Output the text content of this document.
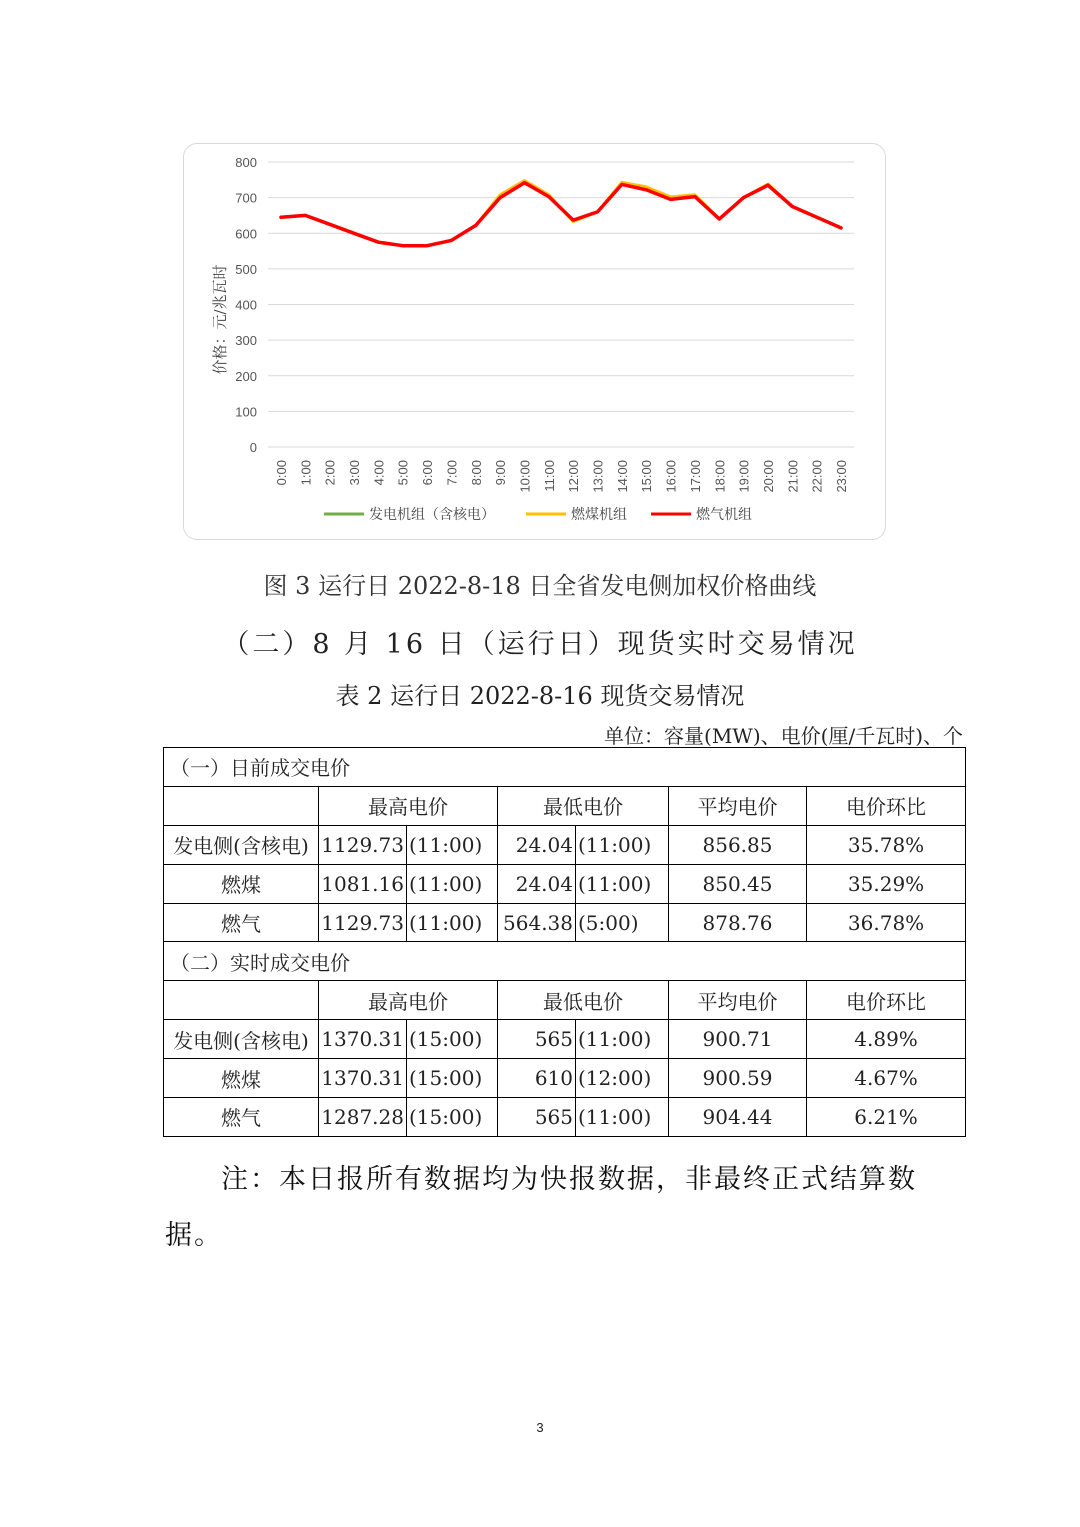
0
100
200
300
400
500
600
700
800
0:00 1:00 2:00 3:00 4:00 5:00 6:00 7:00 8:00 9:00 10:00 11:00 12:00 13:00 14:00 15:00 16:00 17:00 18:00 19:00 20:00 21:00 22:00 23:00
价格：元/兆瓦时
发电机组（含核电）	燃煤机组	燃气机组
图 3 运行日 2022-8-18 日全省发电侧加权价格曲线
（二）8 月 16 日（运行日）现货实时交易情况
表 2 运行日 2022-8-16 现货交易情况
单位：容量(MW)、电价(厘/千瓦时)、个
（一）日前成交电价						
	最高电价		最低电价		平均电价	电价环比
发电侧(含核电)	1129.73	(11:00)	24.04	(11:00)	856.85	35.78%
燃煤	1081.16	(11:00)	24.04	(11:00)	850.45	35.29%
燃气	1129.73	(11:00)	564.38	(5:00)	878.76	36.78%
（二）实时成交电价						
	最高电价		最低电价		平均电价	电价环比
发电侧(含核电)	1370.31	(15:00)	565	(11:00)	900.71	4.89%
燃煤	1370.31	(15:00)	610	(12:00)	900.59	4.67%
燃气	1287.28	(15:00)	565	(11:00)	904.44	6.21%
注：本日报所有数据均为快报数据，非最终正式结算数据。
3
